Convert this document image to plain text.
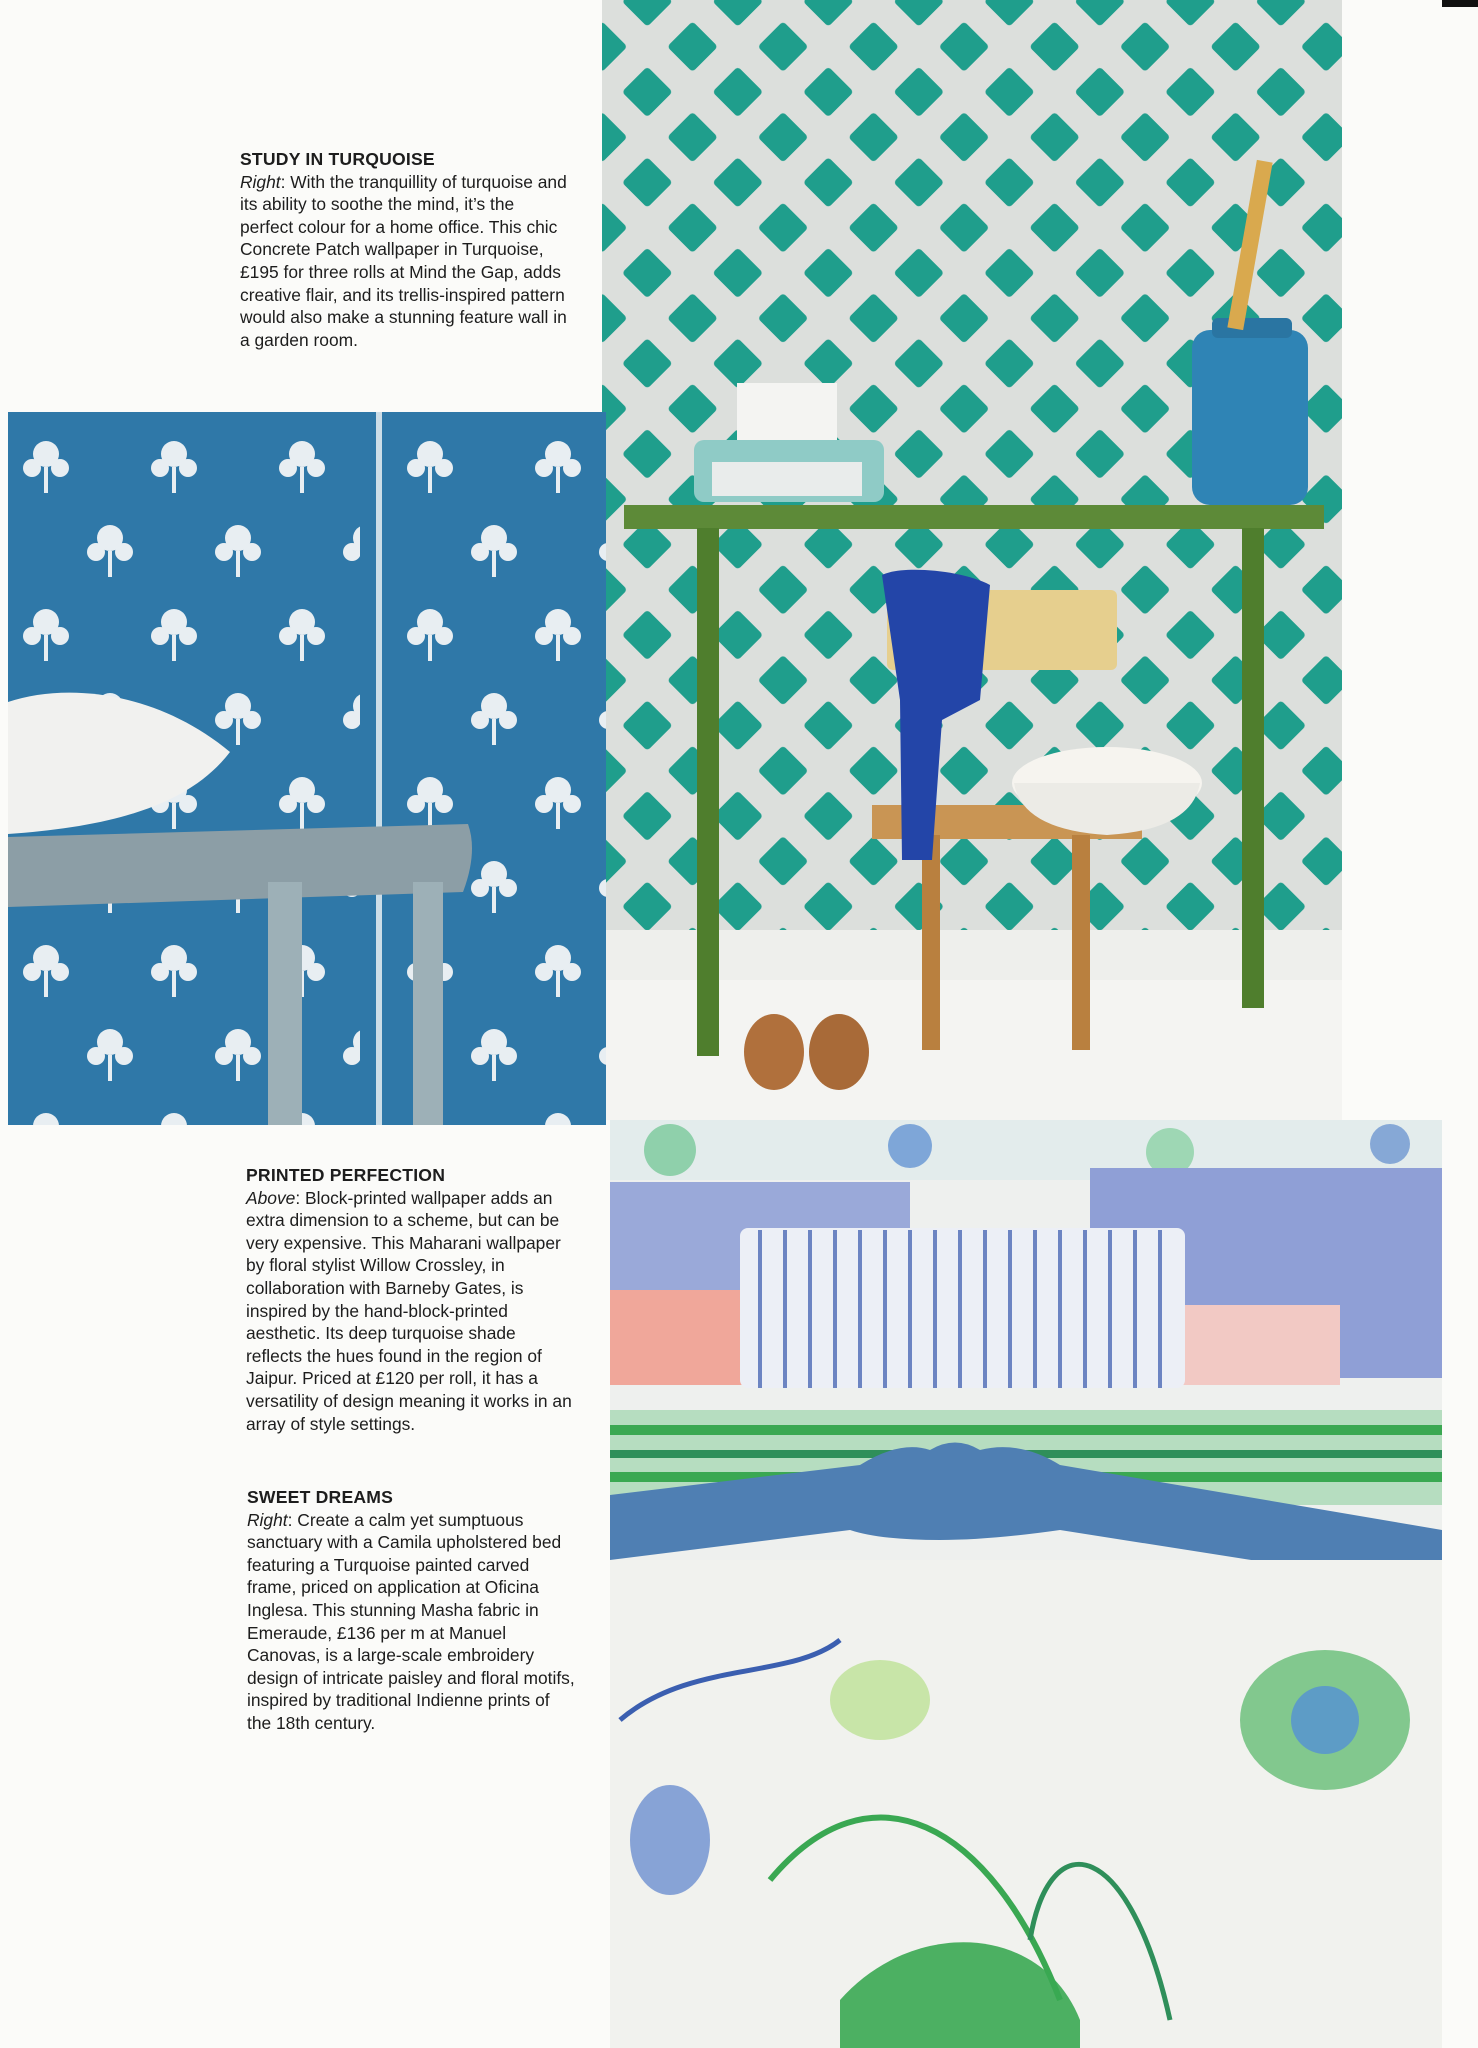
STUDY IN TURQUOISE

Right: With the tranquillity of turquoise and its ability to soothe the mind, it’s the perfect colour for a home office. This chic Concrete Patch wallpaper in Turquoise, £195 for three rolls at Mind the Gap, adds creative flair, and its trellis-inspired pattern would also make a stunning feature wall in a garden room.

PRINTED PERFECTION

Above: Block-printed wallpaper adds an extra dimension to a scheme, but can be very expensive. This Maharani wallpaper by floral stylist Willow Crossley, in collaboration with Barneby Gates, is inspired by the hand-block-printed aesthetic. Its deep turquoise shade reflects the hues found in the region of Jaipur. Priced at £120 per roll, it has a versatility of design meaning it works in an array of style settings.

SWEET DREAMS

Right: Create a calm yet sumptuous sanctuary with a Camila upholstered bed featuring a Turquoise painted carved frame, priced on application at Oficina Inglesa. This stunning Masha fabric in Emeraude, £136 per m at Manuel Canovas, is a large-scale embroidery design of intricate paisley and floral motifs, inspired by traditional Indienne prints of the 18th century.
